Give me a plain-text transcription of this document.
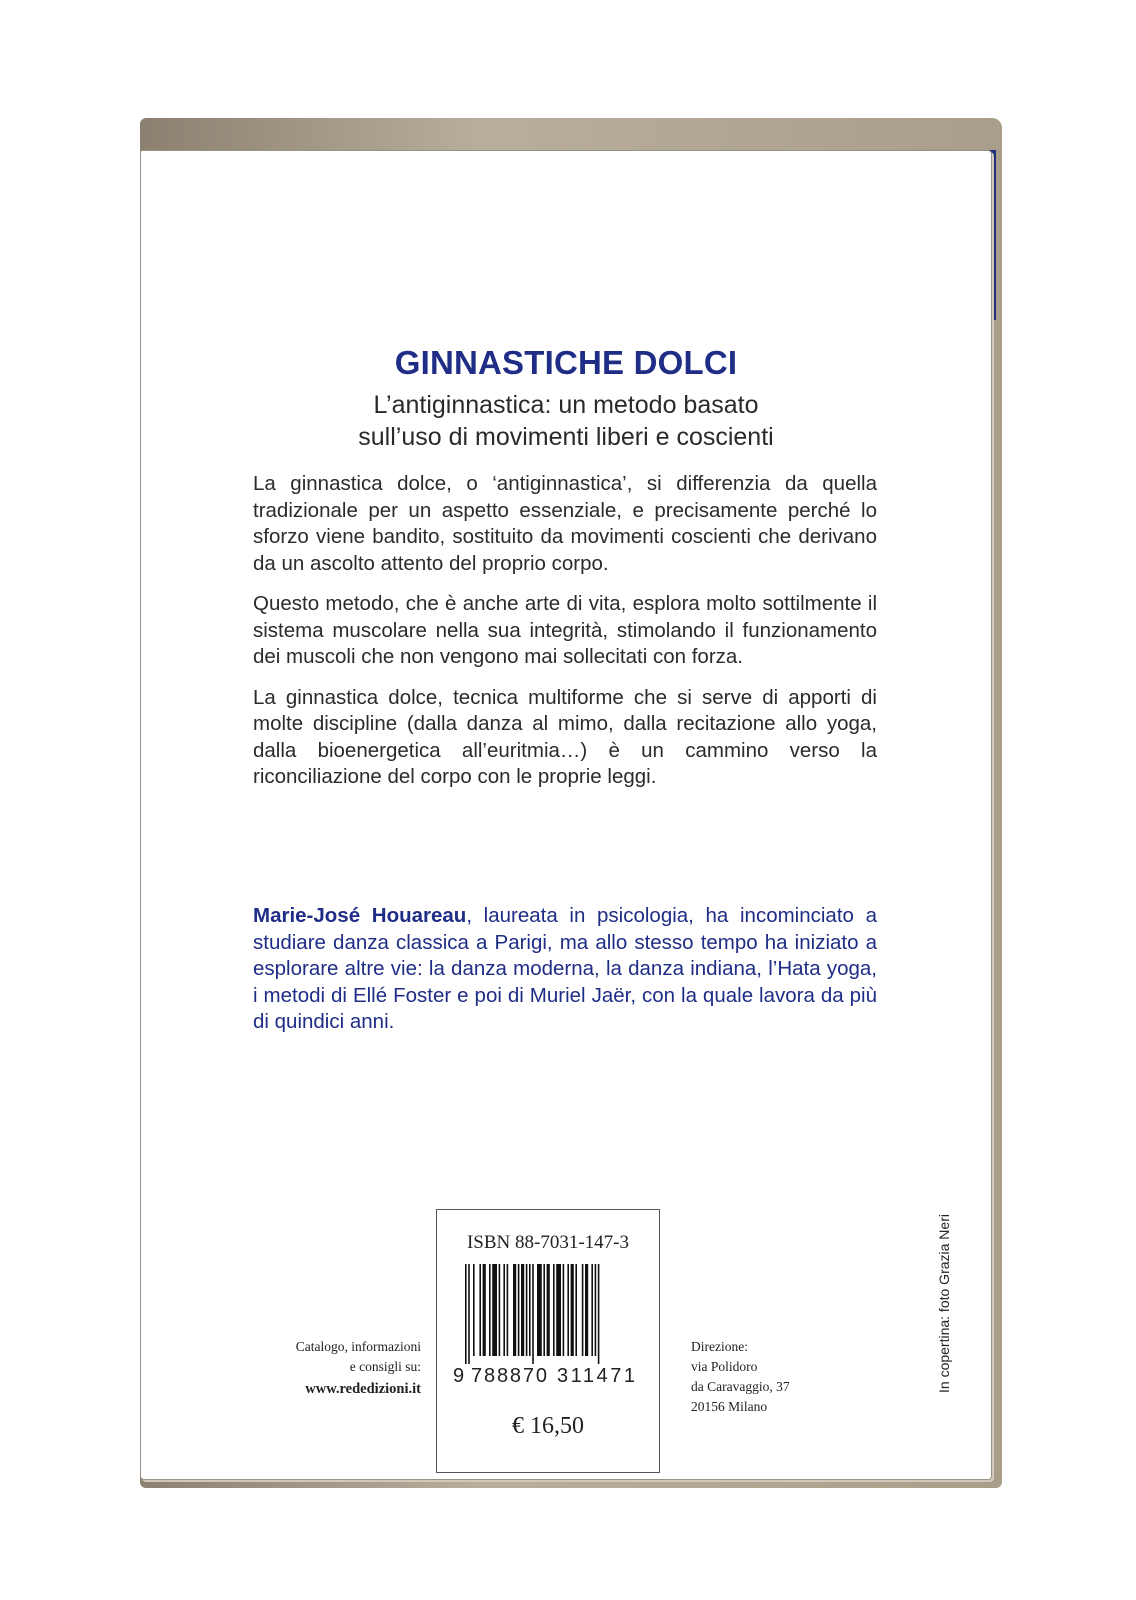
GINNASTICHE DOLCI
L’antiginnastica: un metodo basato
sull’uso di movimenti liberi e coscienti

La ginnastica dolce, o ‘antiginnastica’, si differenzia da quella tradizionale per un aspetto essenziale, e precisamente perché lo sforzo viene bandito, sostituito da movimenti coscienti che derivano da un ascolto attento del proprio corpo.

Questo metodo, che è anche arte di vita, esplora molto sottilmente il sistema muscolare nella sua integrità, stimolando il funzionamento dei muscoli che non vengono mai sollecitati con forza.

La ginnastica dolce, tecnica multiforme che si serve di apporti di molte discipline (dalla danza al mimo, dalla recitazione allo yoga, dalla bioenergetica all’euritmia…) è un cammino verso la riconciliazione del corpo con le proprie leggi.

Marie-José Houareau, laureata in psicologia, ha incominciato a studiare danza classica a Parigi, ma allo stesso tempo ha iniziato a esplorare altre vie: la danza moderna, la danza indiana, l’Hata yoga, i metodi di Ellé Foster e poi di Muriel Jaër, con la quale lavora da più di quindici anni.
Catalogo, informazioni
e consigli su:
www.rededizioni.it
ISBN 88-7031-147-3
9 788870 311471
€ 16,50
Direzione:
via Polidoro
da Caravaggio, 37
20156 Milano
In copertina: foto Grazia Neri
